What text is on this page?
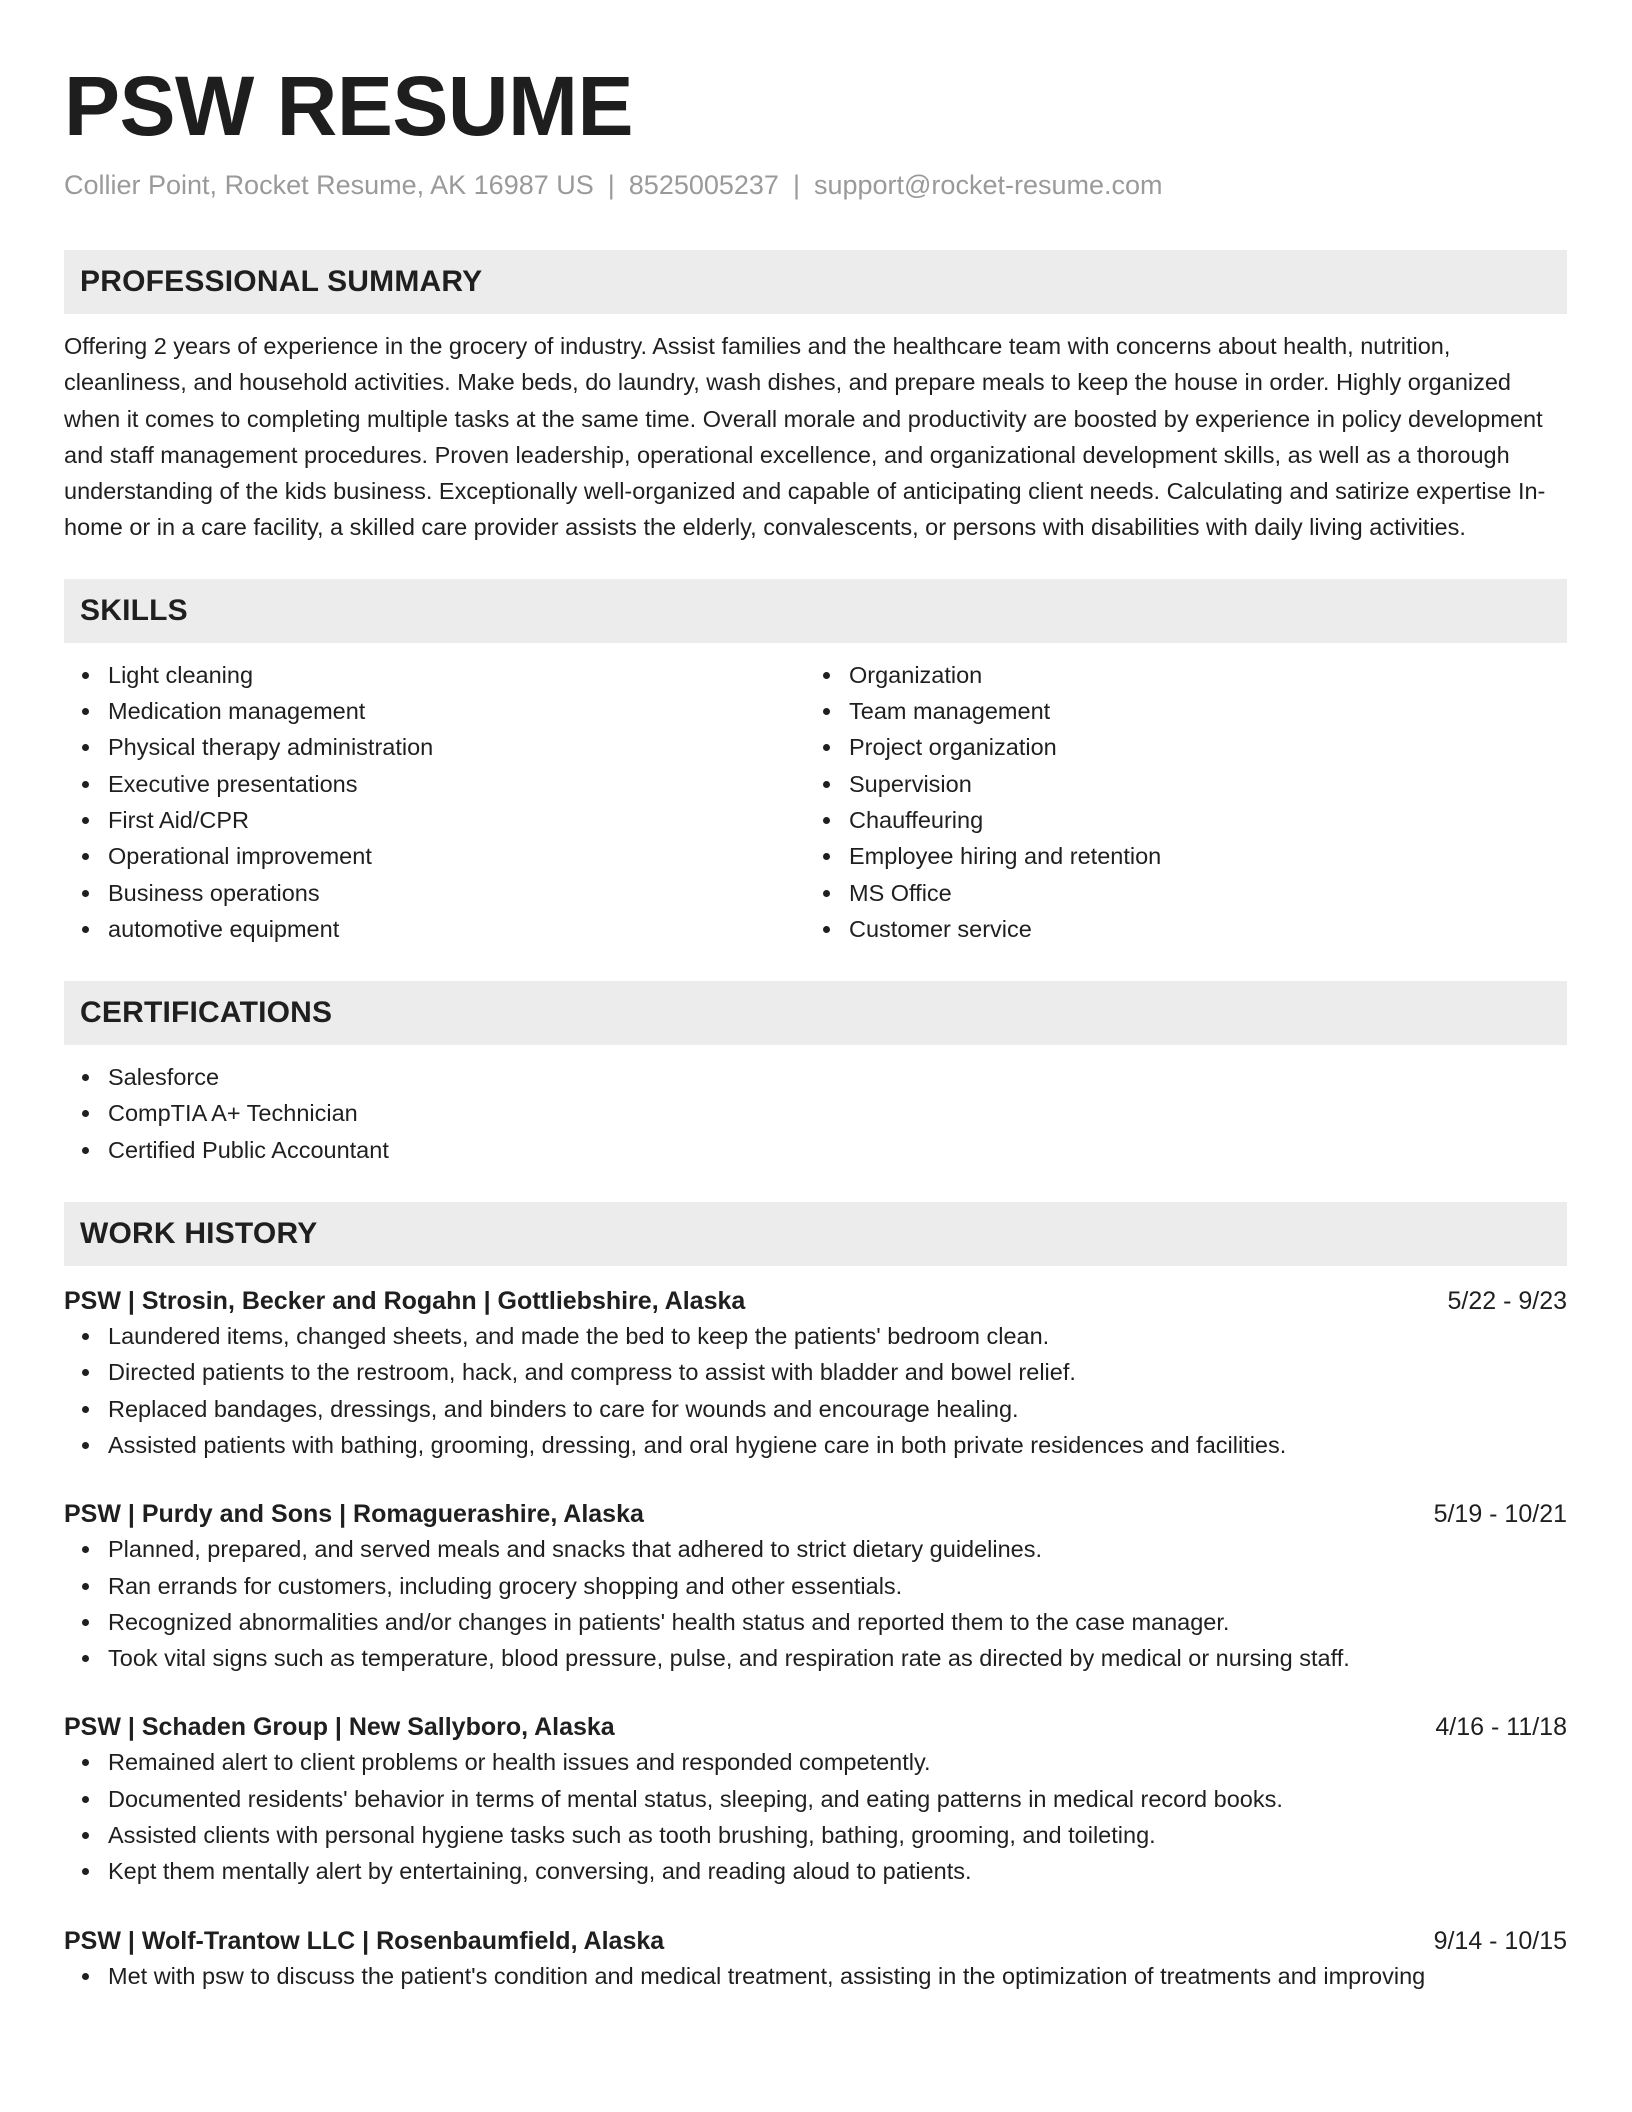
PSW RESUME
Collier Point, Rocket Resume, AK 16987 US | 8525005237 | support@rocket-resume.com
PROFESSIONAL SUMMARY
Offering 2 years of experience in the grocery of industry. Assist families and the healthcare team with concerns about health, nutrition, cleanliness, and household activities. Make beds, do laundry, wash dishes, and prepare meals to keep the house in order. Highly organized when it comes to completing multiple tasks at the same time. Overall morale and productivity are boosted by experience in policy development and staff management procedures. Proven leadership, operational excellence, and organizational development skills, as well as a thorough understanding of the kids business. Exceptionally well-organized and capable of anticipating client needs. Calculating and satirize expertise In-home or in a care facility, a skilled care provider assists the elderly, convalescents, or persons with disabilities with daily living activities.
SKILLS
Light cleaning
Medication management
Physical therapy administration
Executive presentations
First Aid/CPR
Operational improvement
Business operations
automotive equipment
Organization
Team management
Project organization
Supervision
Chauffeuring
Employee hiring and retention
MS Office
Customer service
CERTIFICATIONS
Salesforce
CompTIA A+ Technician
Certified Public Accountant
WORK HISTORY
PSW | Strosin, Becker and Rogahn | Gottliebshire, Alaska	5/22 - 9/23
Laundered items, changed sheets, and made the bed to keep the patients' bedroom clean.
Directed patients to the restroom, hack, and compress to assist with bladder and bowel relief.
Replaced bandages, dressings, and binders to care for wounds and encourage healing.
Assisted patients with bathing, grooming, dressing, and oral hygiene care in both private residences and facilities.
PSW | Purdy and Sons | Romaguerashire, Alaska	5/19 - 10/21
Planned, prepared, and served meals and snacks that adhered to strict dietary guidelines.
Ran errands for customers, including grocery shopping and other essentials.
Recognized abnormalities and/or changes in patients' health status and reported them to the case manager.
Took vital signs such as temperature, blood pressure, pulse, and respiration rate as directed by medical or nursing staff.
PSW | Schaden Group | New Sallyboro, Alaska	4/16 - 11/18
Remained alert to client problems or health issues and responded competently.
Documented residents' behavior in terms of mental status, sleeping, and eating patterns in medical record books.
Assisted clients with personal hygiene tasks such as tooth brushing, bathing, grooming, and toileting.
Kept them mentally alert by entertaining, conversing, and reading aloud to patients.
PSW | Wolf-Trantow LLC | Rosenbaumfield, Alaska	9/14 - 10/15
Met with psw to discuss the patient's condition and medical treatment, assisting in the optimization of treatments and improving
